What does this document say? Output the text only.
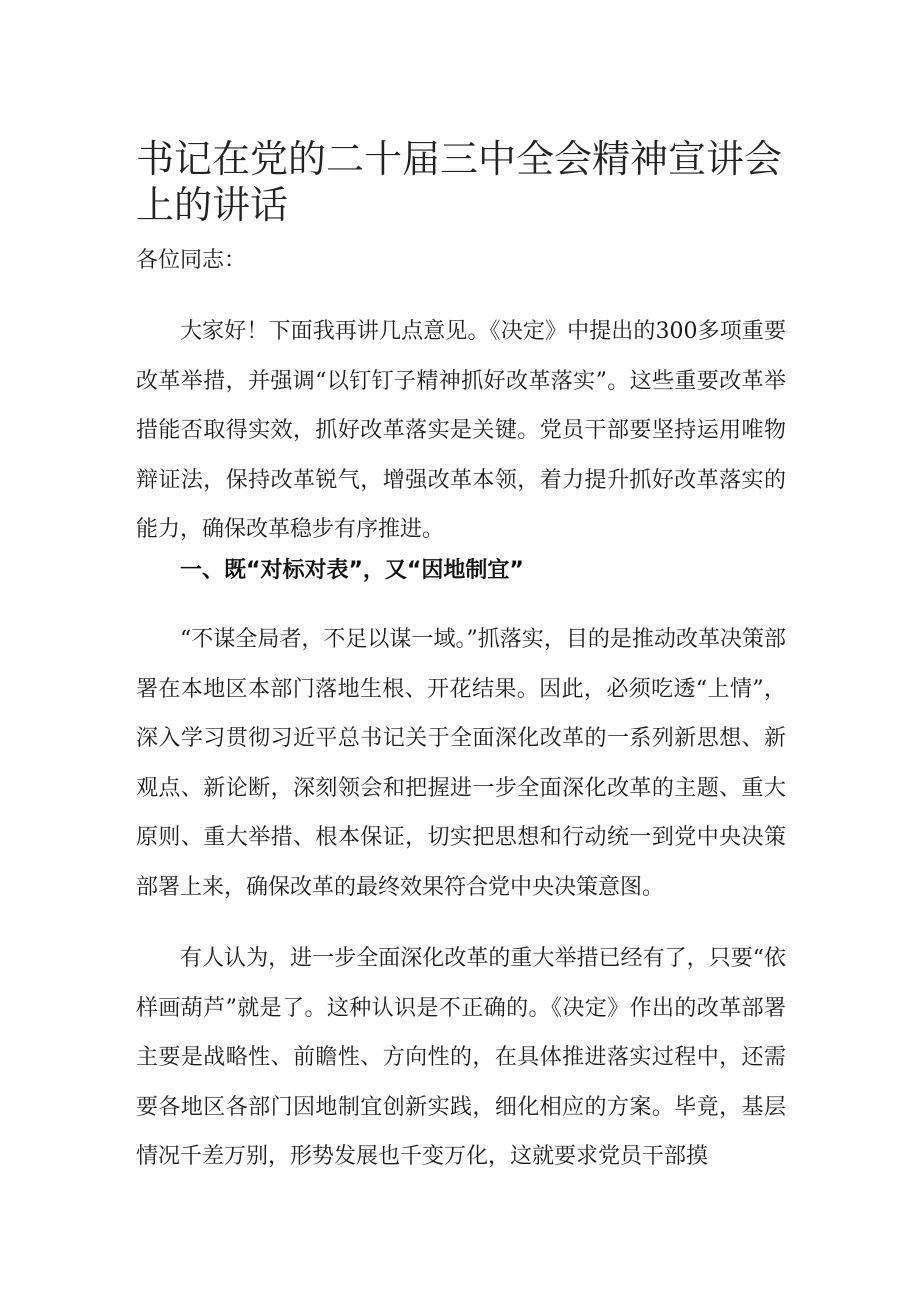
书记在党的二十届三中全会精神宣讲会上的讲话
各位同志：

大家好！下面我再讲几点意见。《决定》中提出的300多项重要改革举措，并强调“以钉钉子精神抓好改革落实”。这些重要改革举措能否取得实效，抓好改革落实是关键。党员干部要坚持运用唯物辩证法，保持改革锐气，增强改革本领，着力提升抓好改革落实的能力，确保改革稳步有序推进。

一、既“对标对表”，又“因地制宜”

“不谋全局者，不足以谋一域。”抓落实，目的是推动改革决策部署在本地区本部门落地生根、开花结果。因此，必须吃透“上情”，深入学习贯彻习近平总书记关于全面深化改革的一系列新思想、新观点、新论断，深刻领会和把握进一步全面深化改革的主题、重大原则、重大举措、根本保证，切实把思想和行动统一到党中央决策部署上来，确保改革的最终效果符合党中央决策意图。

有人认为，进一步全面深化改革的重大举措已经有了，只要“依样画葫芦”就是了。这种认识是不正确的。《决定》作出的改革部署主要是战略性、前瞻性、方向性的，在具体推进落实过程中，还需要各地区各部门因地制宜创新实践，细化相应的方案。毕竟，基层情况千差万别，形势发展也千变万化，这就要求党员干部摸
